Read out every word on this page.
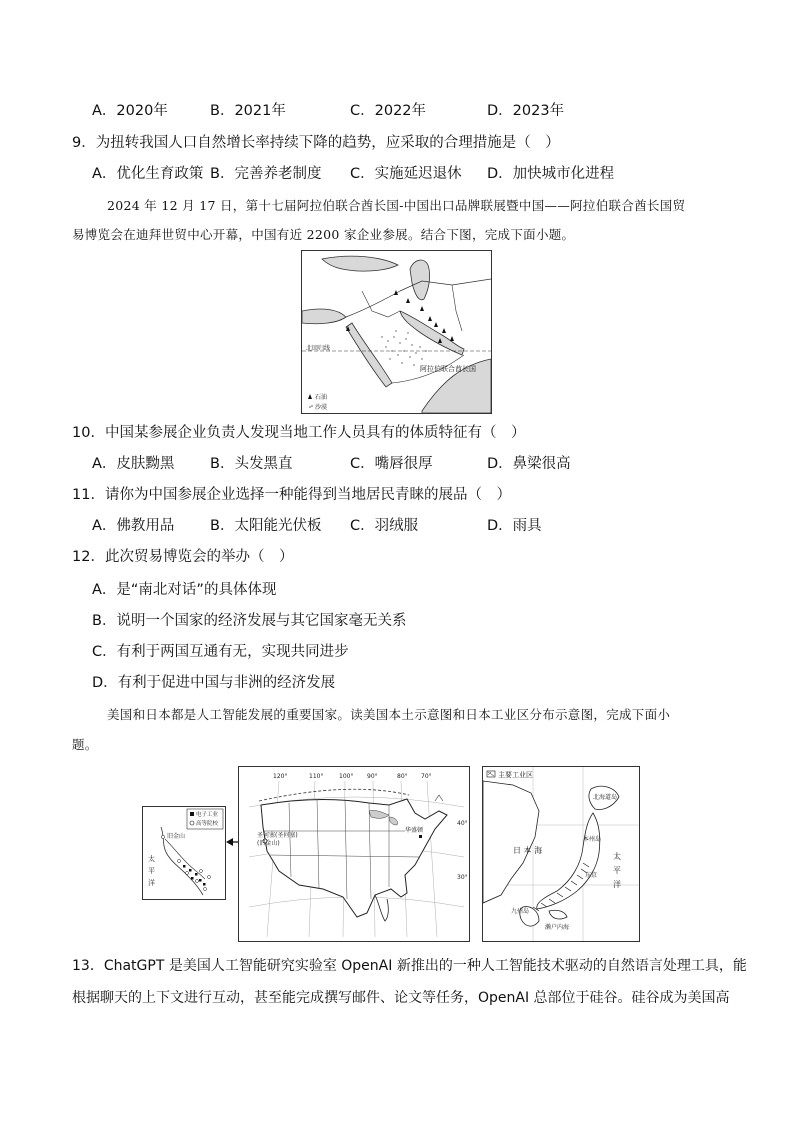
A．2020年	B．2021年	C．2022年	D．2023年
9．为扭转我国人口自然增长率持续下降的趋势，应采取的合理措施是（　）
A．优化生育政策 B．完善养老制度 C．实施延迟退休 D．加快城市化进程
2024 年 12 月 17 日，第十七届阿拉伯联合酋长国-中国出口品牌联展暨中国——阿拉伯联合酋长国贸
易博览会在迪拜世贸中心开幕，中国有近 2200 家企业参展。结合下图，完成下面小题。
北回归线
阿拉伯联合酋长国
石油
沙漠
10．中国某参展企业负责人发现当地工作人员具有的体质特征有（　）
A．皮肤黝黑 B．头发黑直	C．嘴唇很厚	D．鼻梁很高
11．请你为中国参展企业选择一种能得到当地居民青睐的展品（　）
A．佛教用品 B．太阳能光伏板 C．羽绒服	D．雨具
12．此次贸易博览会的举办（　）
A．是“南北对话”的具体体现
B．说明一个国家的经济发展与其它国家毫无关系
C．有利于两国互通有无，实现共同进步
D．有利于促进中国与非洲的经济发展
美国和日本都是人工智能发展的重要国家。读美国本土示意图和日本工业区分布示意图，完成下面小
题。
电子工业
高等院校
旧金山
太
平
洋
120°	110°	100° 90°	80° 70°
圣何塞(圣何塞)
(旧金山)
华盛顿
40°
30°
主要工业区
日 本 海
北海道岛
本州岛
东京
九州岛
濑户内海
太
平
洋
13．ChatGPT 是美国人工智能研究实验室 OpenAI 新推出的一种人工智能技术驱动的自然语言处理工具，能
根据聊天的上下文进行互动，甚至能完成撰写邮件、论文等任务，OpenAI 总部位于硅谷。硅谷成为美国高
